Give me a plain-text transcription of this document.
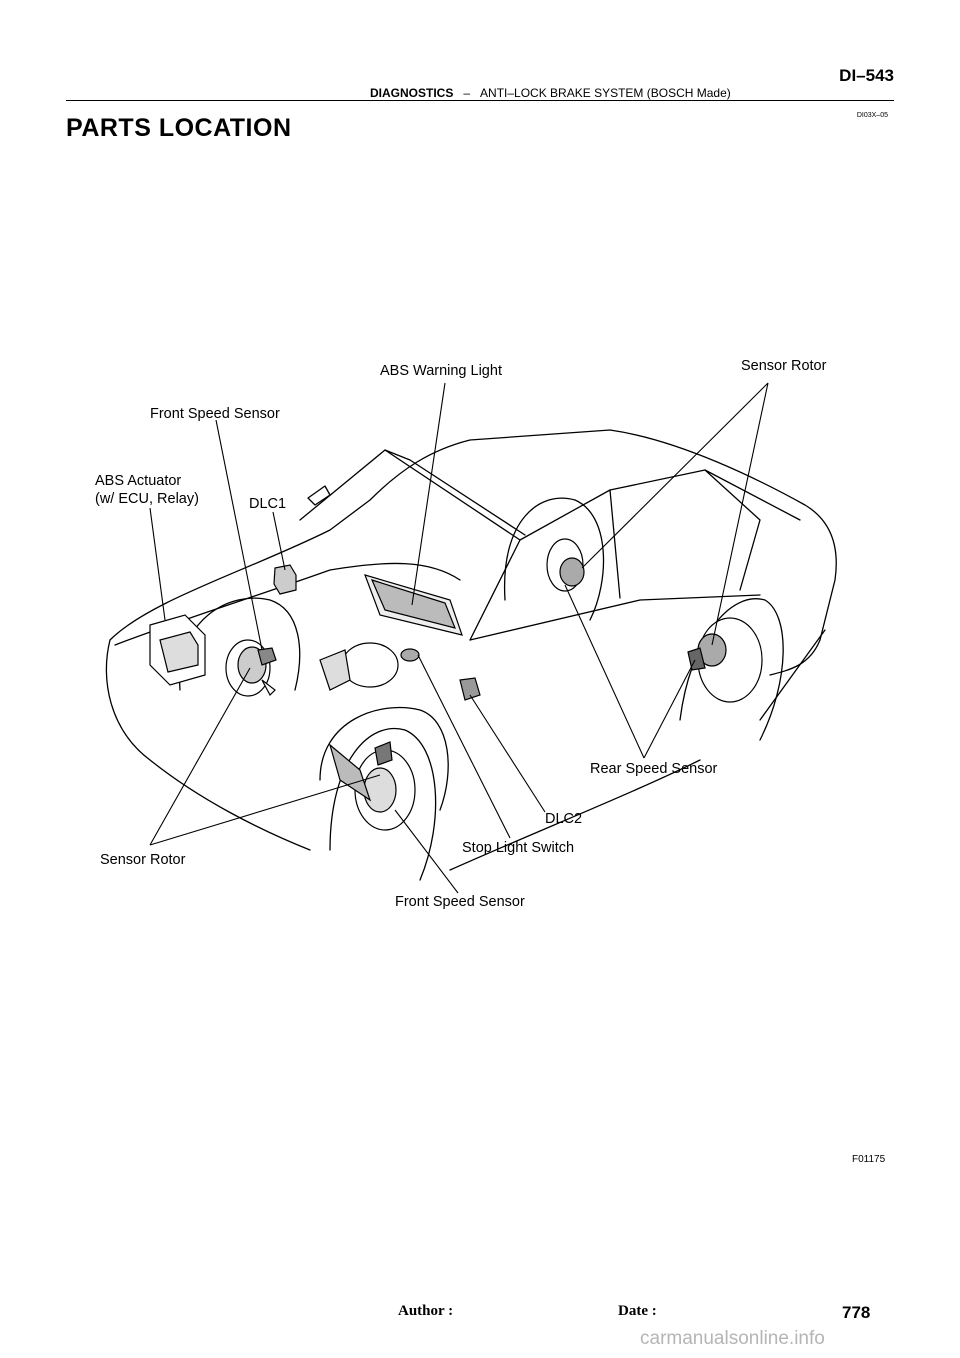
DI–543
DIAGNOSTICS – ANTI–LOCK BRAKE SYSTEM (BOSCH Made)
DI03X–05
PARTS LOCATION
ABS Warning Light	Sensor Rotor
Front Speed Sensor
ABS Actuator
(w/ ECU, Relay)	DLC1
Rear Speed Sensor
DLC2
Stop Light Switch
Sensor Rotor
Front Speed Sensor
F01175
Author :	Date :	778
carmanualsonline.info
